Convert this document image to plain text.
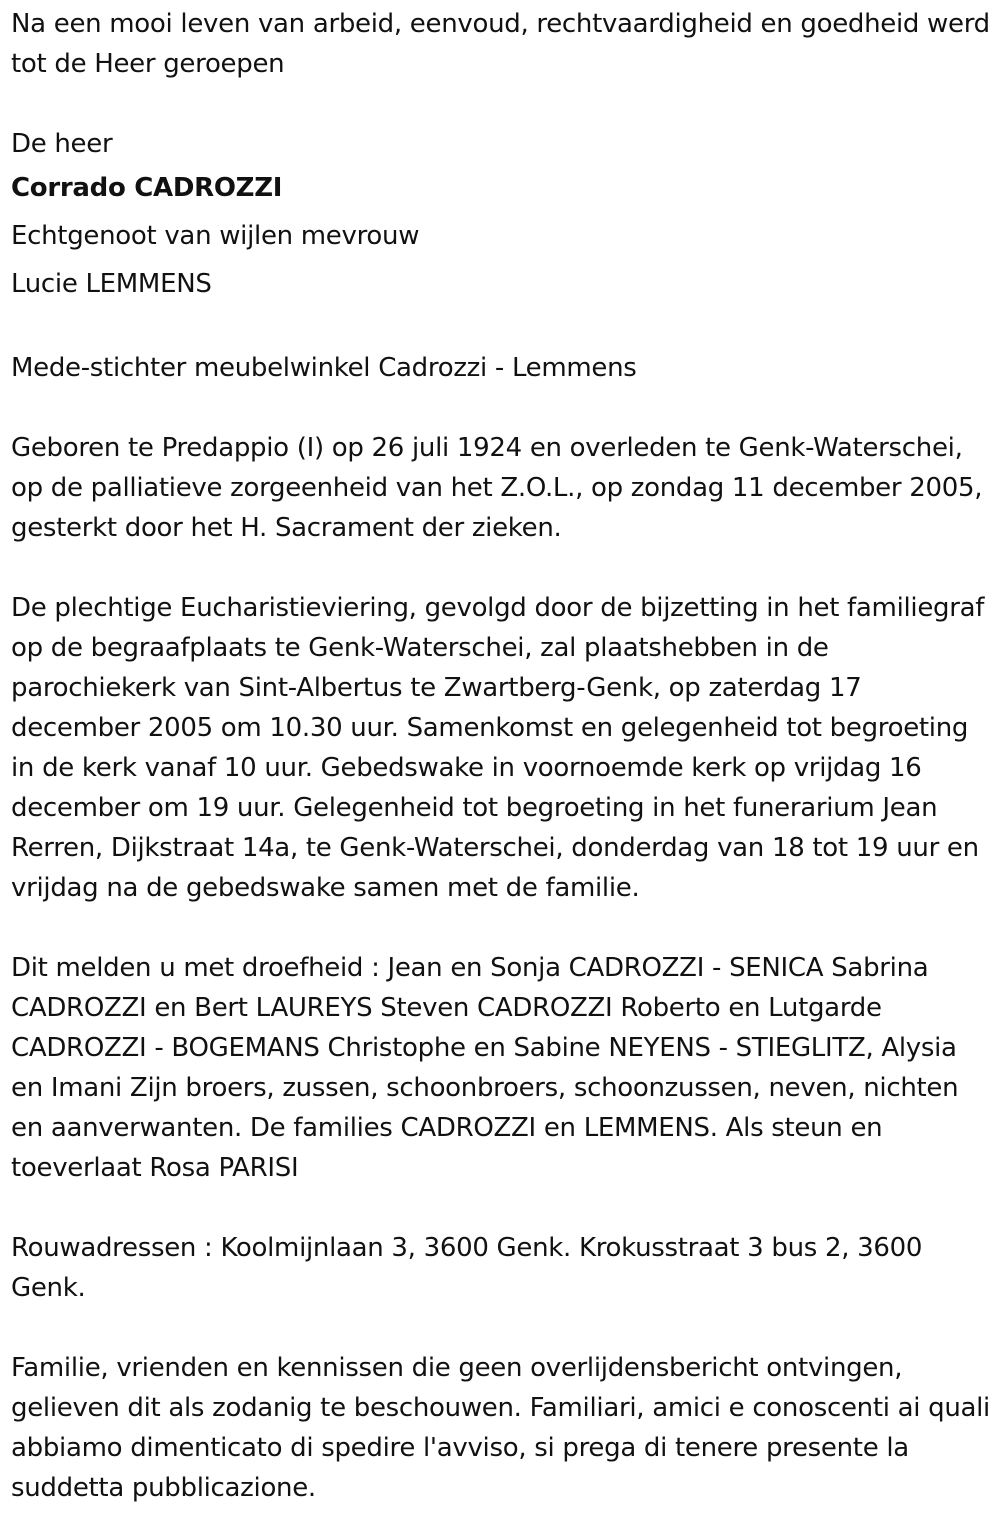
Na een mooi leven van arbeid, eenvoud, rechtvaardigheid en goedheid werd tot de Heer geroepen

De heer

Corrado CADROZZI

Echtgenoot van wijlen mevrouw

Lucie LEMMENS

Mede-stichter meubelwinkel Cadrozzi - Lemmens

Geboren te Predappio (I) op 26 juli 1924 en overleden te Genk-Waterschei, op de palliatieve zorgeenheid van het Z.O.L., op zondag 11 december 2005, gesterkt door het H. Sacrament der zieken.

De plechtige Eucharistieviering, gevolgd door de bijzetting in het familiegraf op de begraafplaats te Genk-Waterschei, zal plaatshebben in de parochiekerk van Sint-Albertus te Zwartberg-Genk, op zaterdag 17 december 2005 om 10.30 uur. Samenkomst en gelegenheid tot begroeting in de kerk vanaf 10 uur. Gebedswake in voornoemde kerk op vrijdag 16 december om 19 uur. Gelegenheid tot begroeting in het funerarium Jean Rerren, Dijkstraat 14a, te Genk-Waterschei, donderdag van 18 tot 19 uur en vrijdag na de gebedswake samen met de familie.

Dit melden u met droefheid : Jean en Sonja CADROZZI - SENICA Sabrina CADROZZI en Bert LAUREYS Steven CADROZZI Roberto en Lutgarde CADROZZI - BOGEMANS Christophe en Sabine NEYENS - STIEGLITZ, Alysia en Imani Zijn broers, zussen, schoonbroers, schoonzussen, neven, nichten en aanverwanten. De families CADROZZI en LEMMENS. Als steun en toeverlaat Rosa PARISI

Rouwadressen : Koolmijnlaan 3, 3600 Genk. Krokusstraat 3 bus 2, 3600 Genk.

Familie, vrienden en kennissen die geen overlijdensbericht ontvingen, gelieven dit als zodanig te beschouwen. Familiari, amici e conoscenti ai quali abbiamo dimenticato di spedire l'avviso, si prega di tenere presente la suddetta pubblicazione.
